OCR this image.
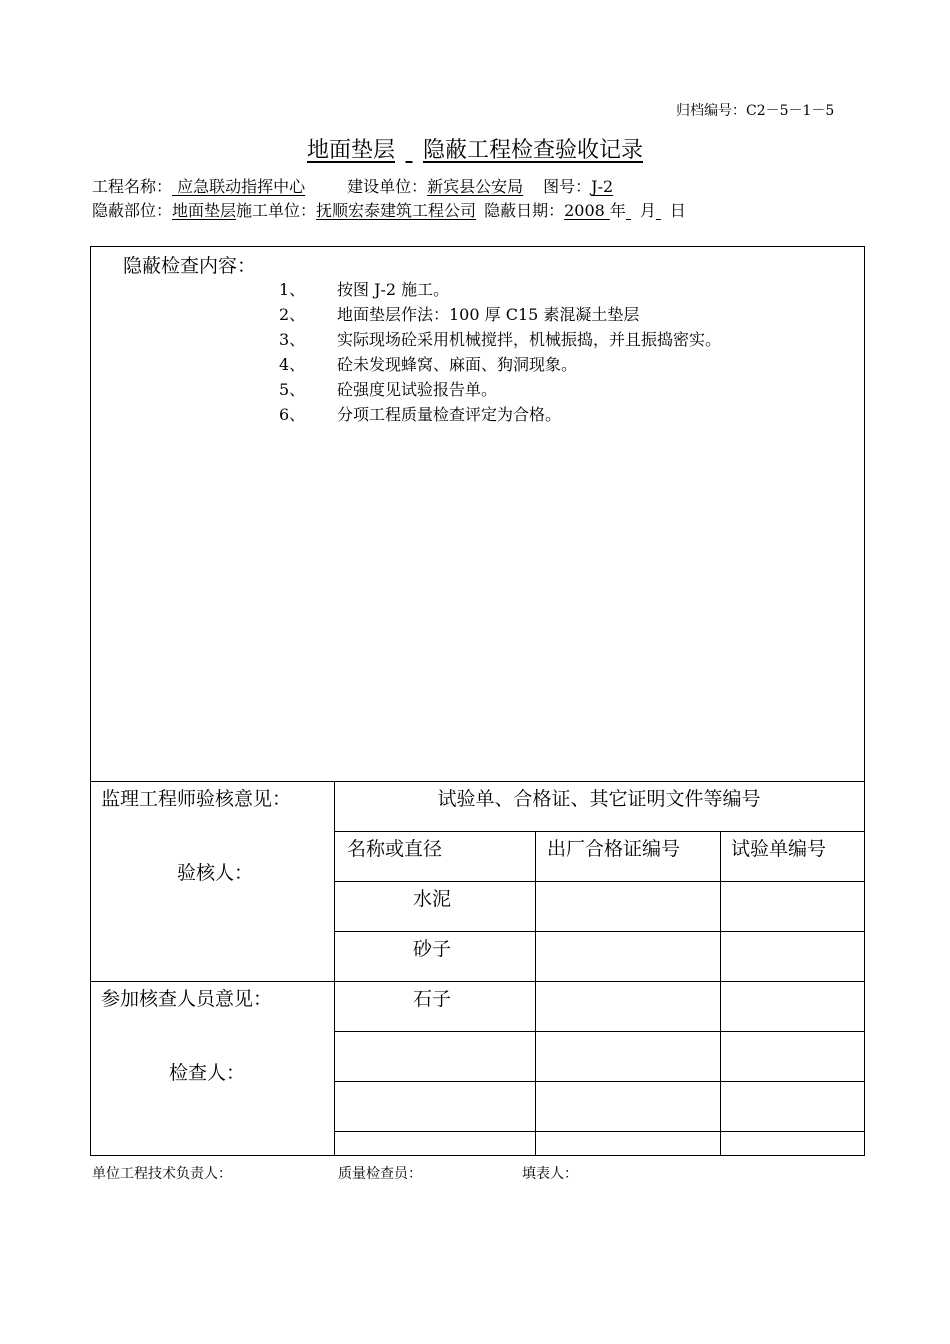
归档编号：C2－5－1－5
地面垫层 隐蔽工程检查验收记录
工程名称： 应急联动指挥中心	建设单位：新宾县公安局 图号：J-2
隐蔽部位：地面垫层施工单位：抚顺宏泰建筑工程公司 隐蔽日期：2008 年 月 日
隐蔽检查内容：
1、 按图 J-2 施工。
2、 地面垫层作法：100 厚 C15 素混凝土垫层
3、 实际现场砼采用机械搅拌，机械振捣，并且振捣密实。
4、 砼未发现蜂窝、麻面、狗洞现象。
5、 砼强度见试验报告单。
6、 分项工程质量检查评定为合格。
监理工程师验核意见：
验核人：
参加核查人员意见：
检查人：
试验单、合格证、其它证明文件等编号
名称或直径	出厂合格证编号	试验单编号
水泥
砂子
石子
单位工程技术负责人：	质量检查员：	填表人：
